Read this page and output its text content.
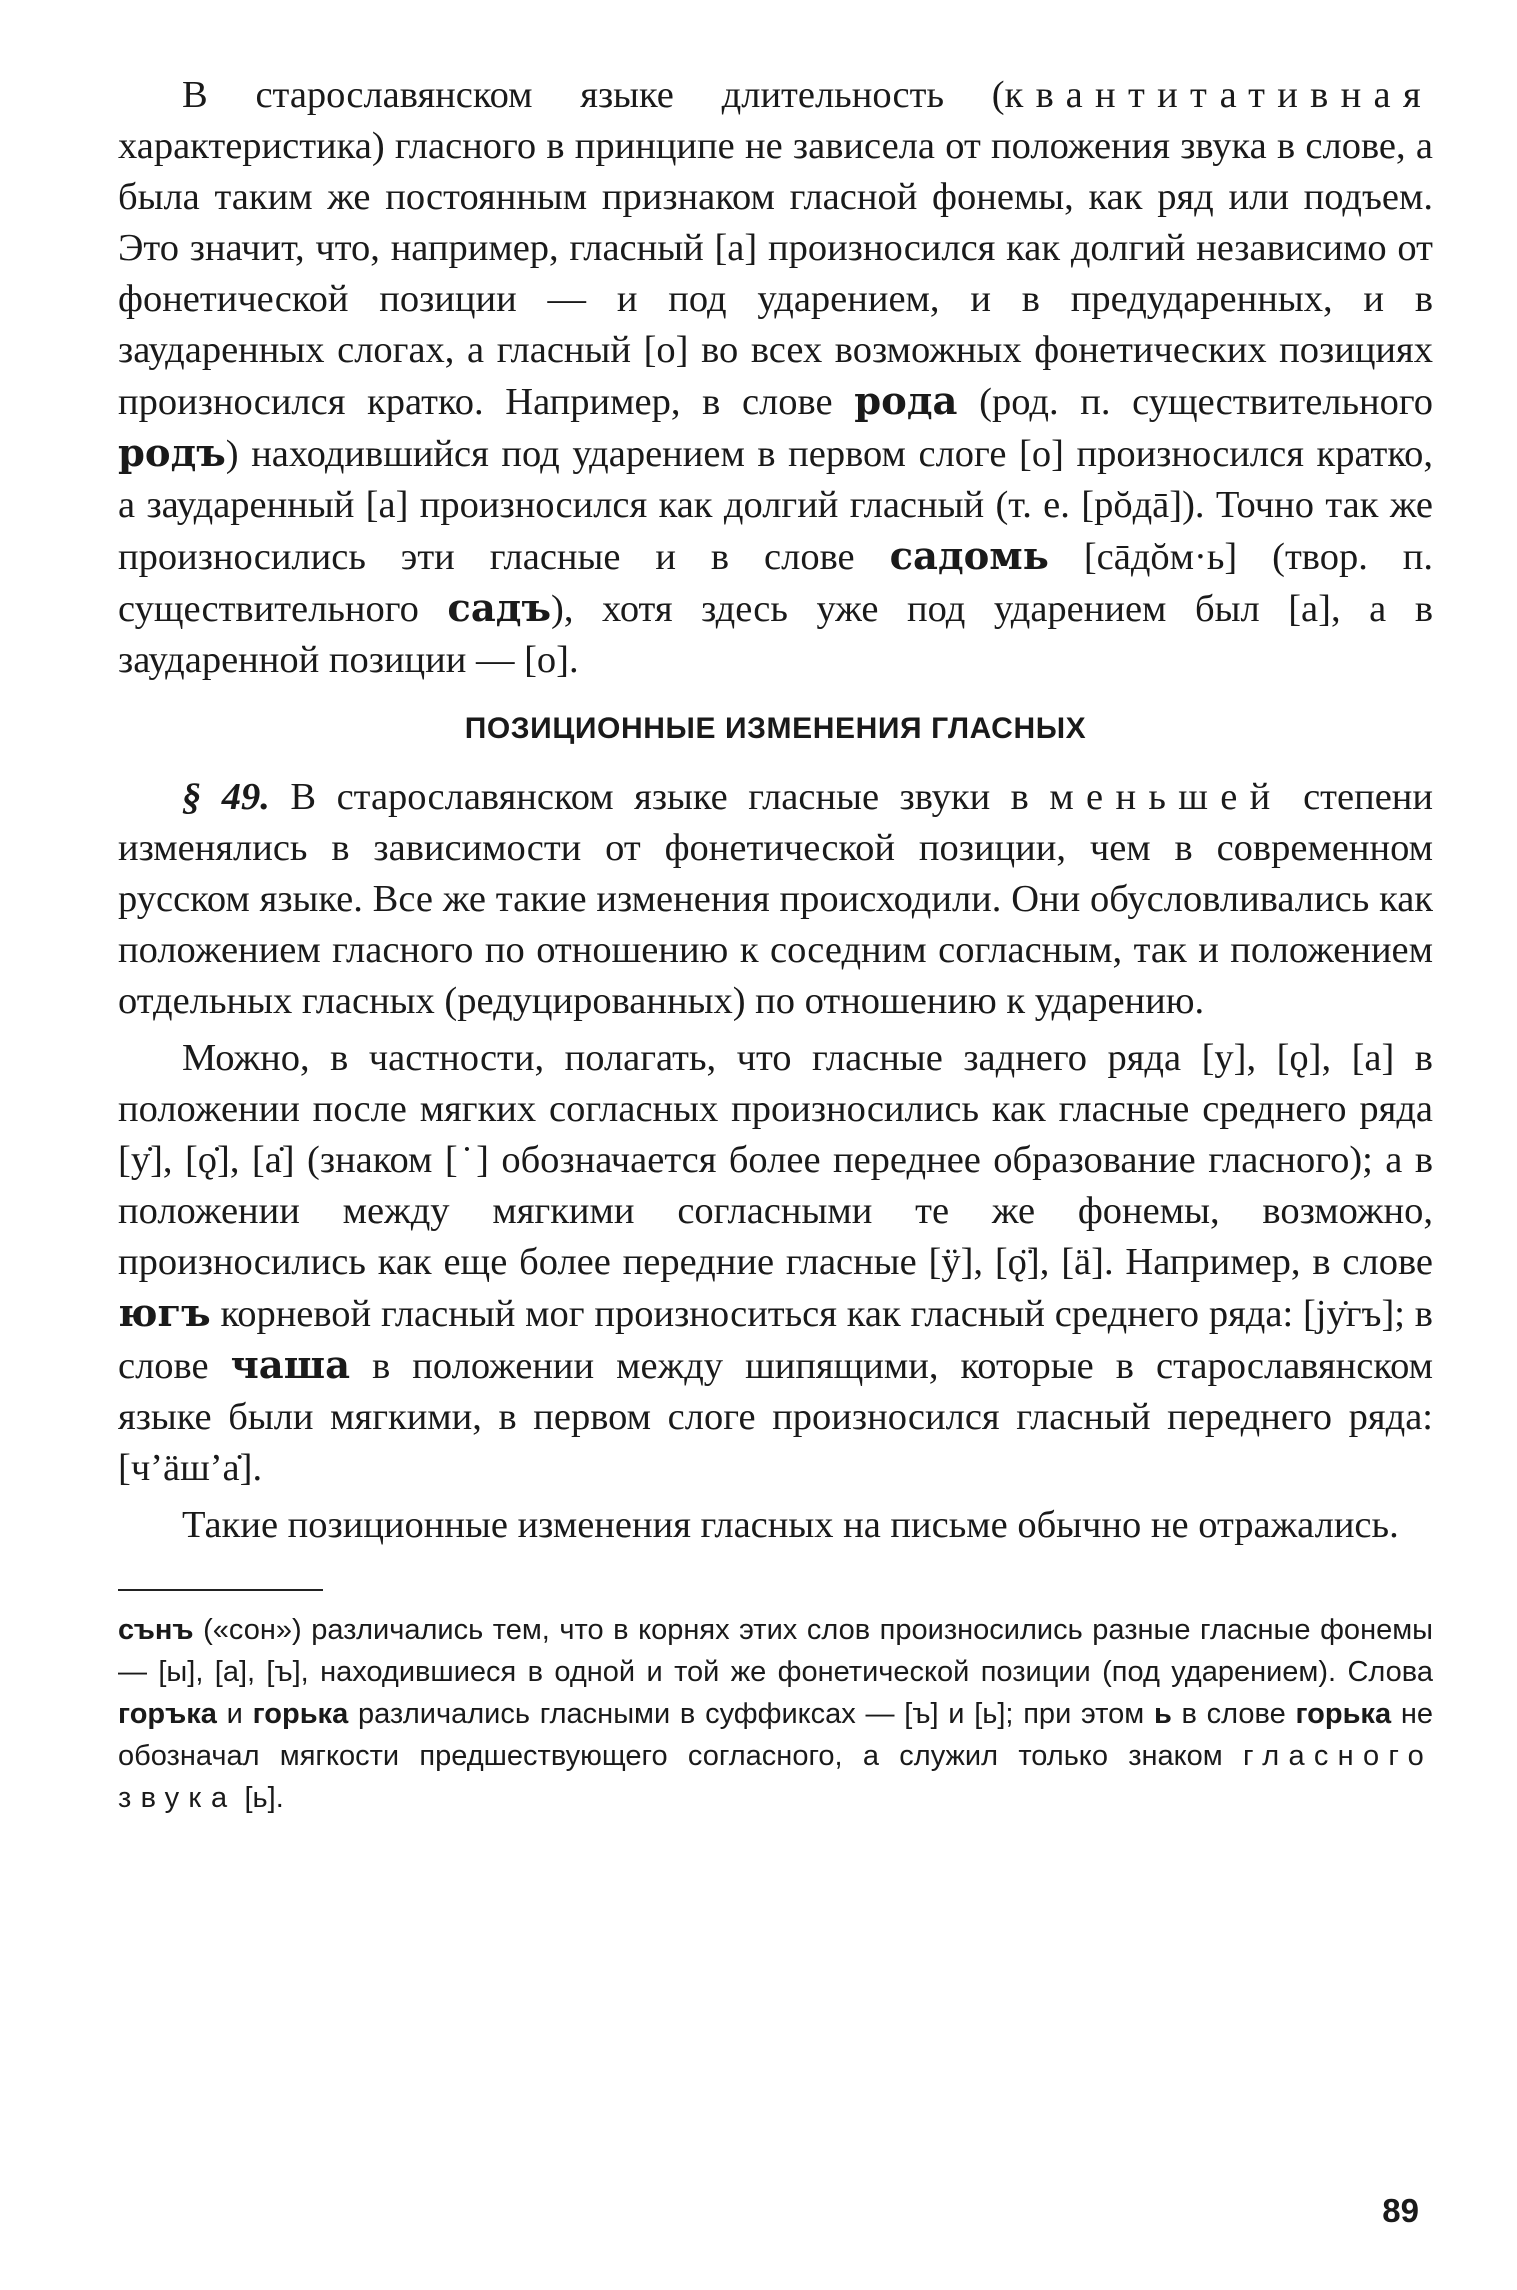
В старославянском языке длительность (квантитативная характеристика) гласного в принципе не зависела от положения звука в слове, а была таким же постоянным признаком гласной фонемы, как ряд или подъем. Это значит, что, например, гласный [а] произносился как долгий независимо от фонетической позиции — и под ударением, и в предударенных, и в заударенных слогах, а гласный [о] во всех возможных фонетических позициях произносился кратко. Например, в слове рода (род. п. существительного родъ) находившийся под ударением в первом слоге [о] произносился кратко, а заударенный [а] произносился как долгий гласный (т. е. [рŏдā]). Точно так же произносились эти гласные и в слове садомь [сāдŏм·ь] (твор. п. существительного садъ), хотя здесь уже под ударением был [а], а в заударенной позиции — [о].

ПОЗИЦИОННЫЕ ИЗМЕНЕНИЯ ГЛАСНЫХ

§ 49. В старославянском языке гласные звуки в меньшей степени изменялись в зависимости от фонетической позиции, чем в современном русском языке. Все же такие изменения происходили. Они обусловливались как положением гласного по отношению к соседним согласным, так и положением отдельных гласных (редуцированных) по отношению к ударению.

Можно, в частности, полагать, что гласные заднего ряда [у], [ǫ], [а] в положении после мягких согласных произносились как гласные среднего ряда [у̇], [ǫ̇], [а̇] (знаком [˙] обозначается более переднее образование гласного); а в положении между мягкими согласными те же фонемы, возможно, произносились как еще более передние гласные [ӱ], [ǫ̈], [ӓ]. Например, в слове югъ корневой гласный мог произноситься как гласный среднего ряда: [jу̇гъ]; в слове чаша в положении между шипящими, которые в старославянском языке были мягкими, в первом слоге произносился гласный переднего ряда: [ч’ӓш’а̇].

Такие позиционные изменения гласных на письме обычно не отражались.

сънъ («сон») различались тем, что в корнях этих слов произносились разные гласные фонемы — [ы], [а], [ъ], находившиеся в одной и той же фонетической позиции (под ударением). Слова горъка и горька различались гласными в суффиксах — [ъ] и [ь]; при этом ь в слове горька не обозначал мягкости предшествующего согласного, а служил только знаком гласного звука [ь].

89
